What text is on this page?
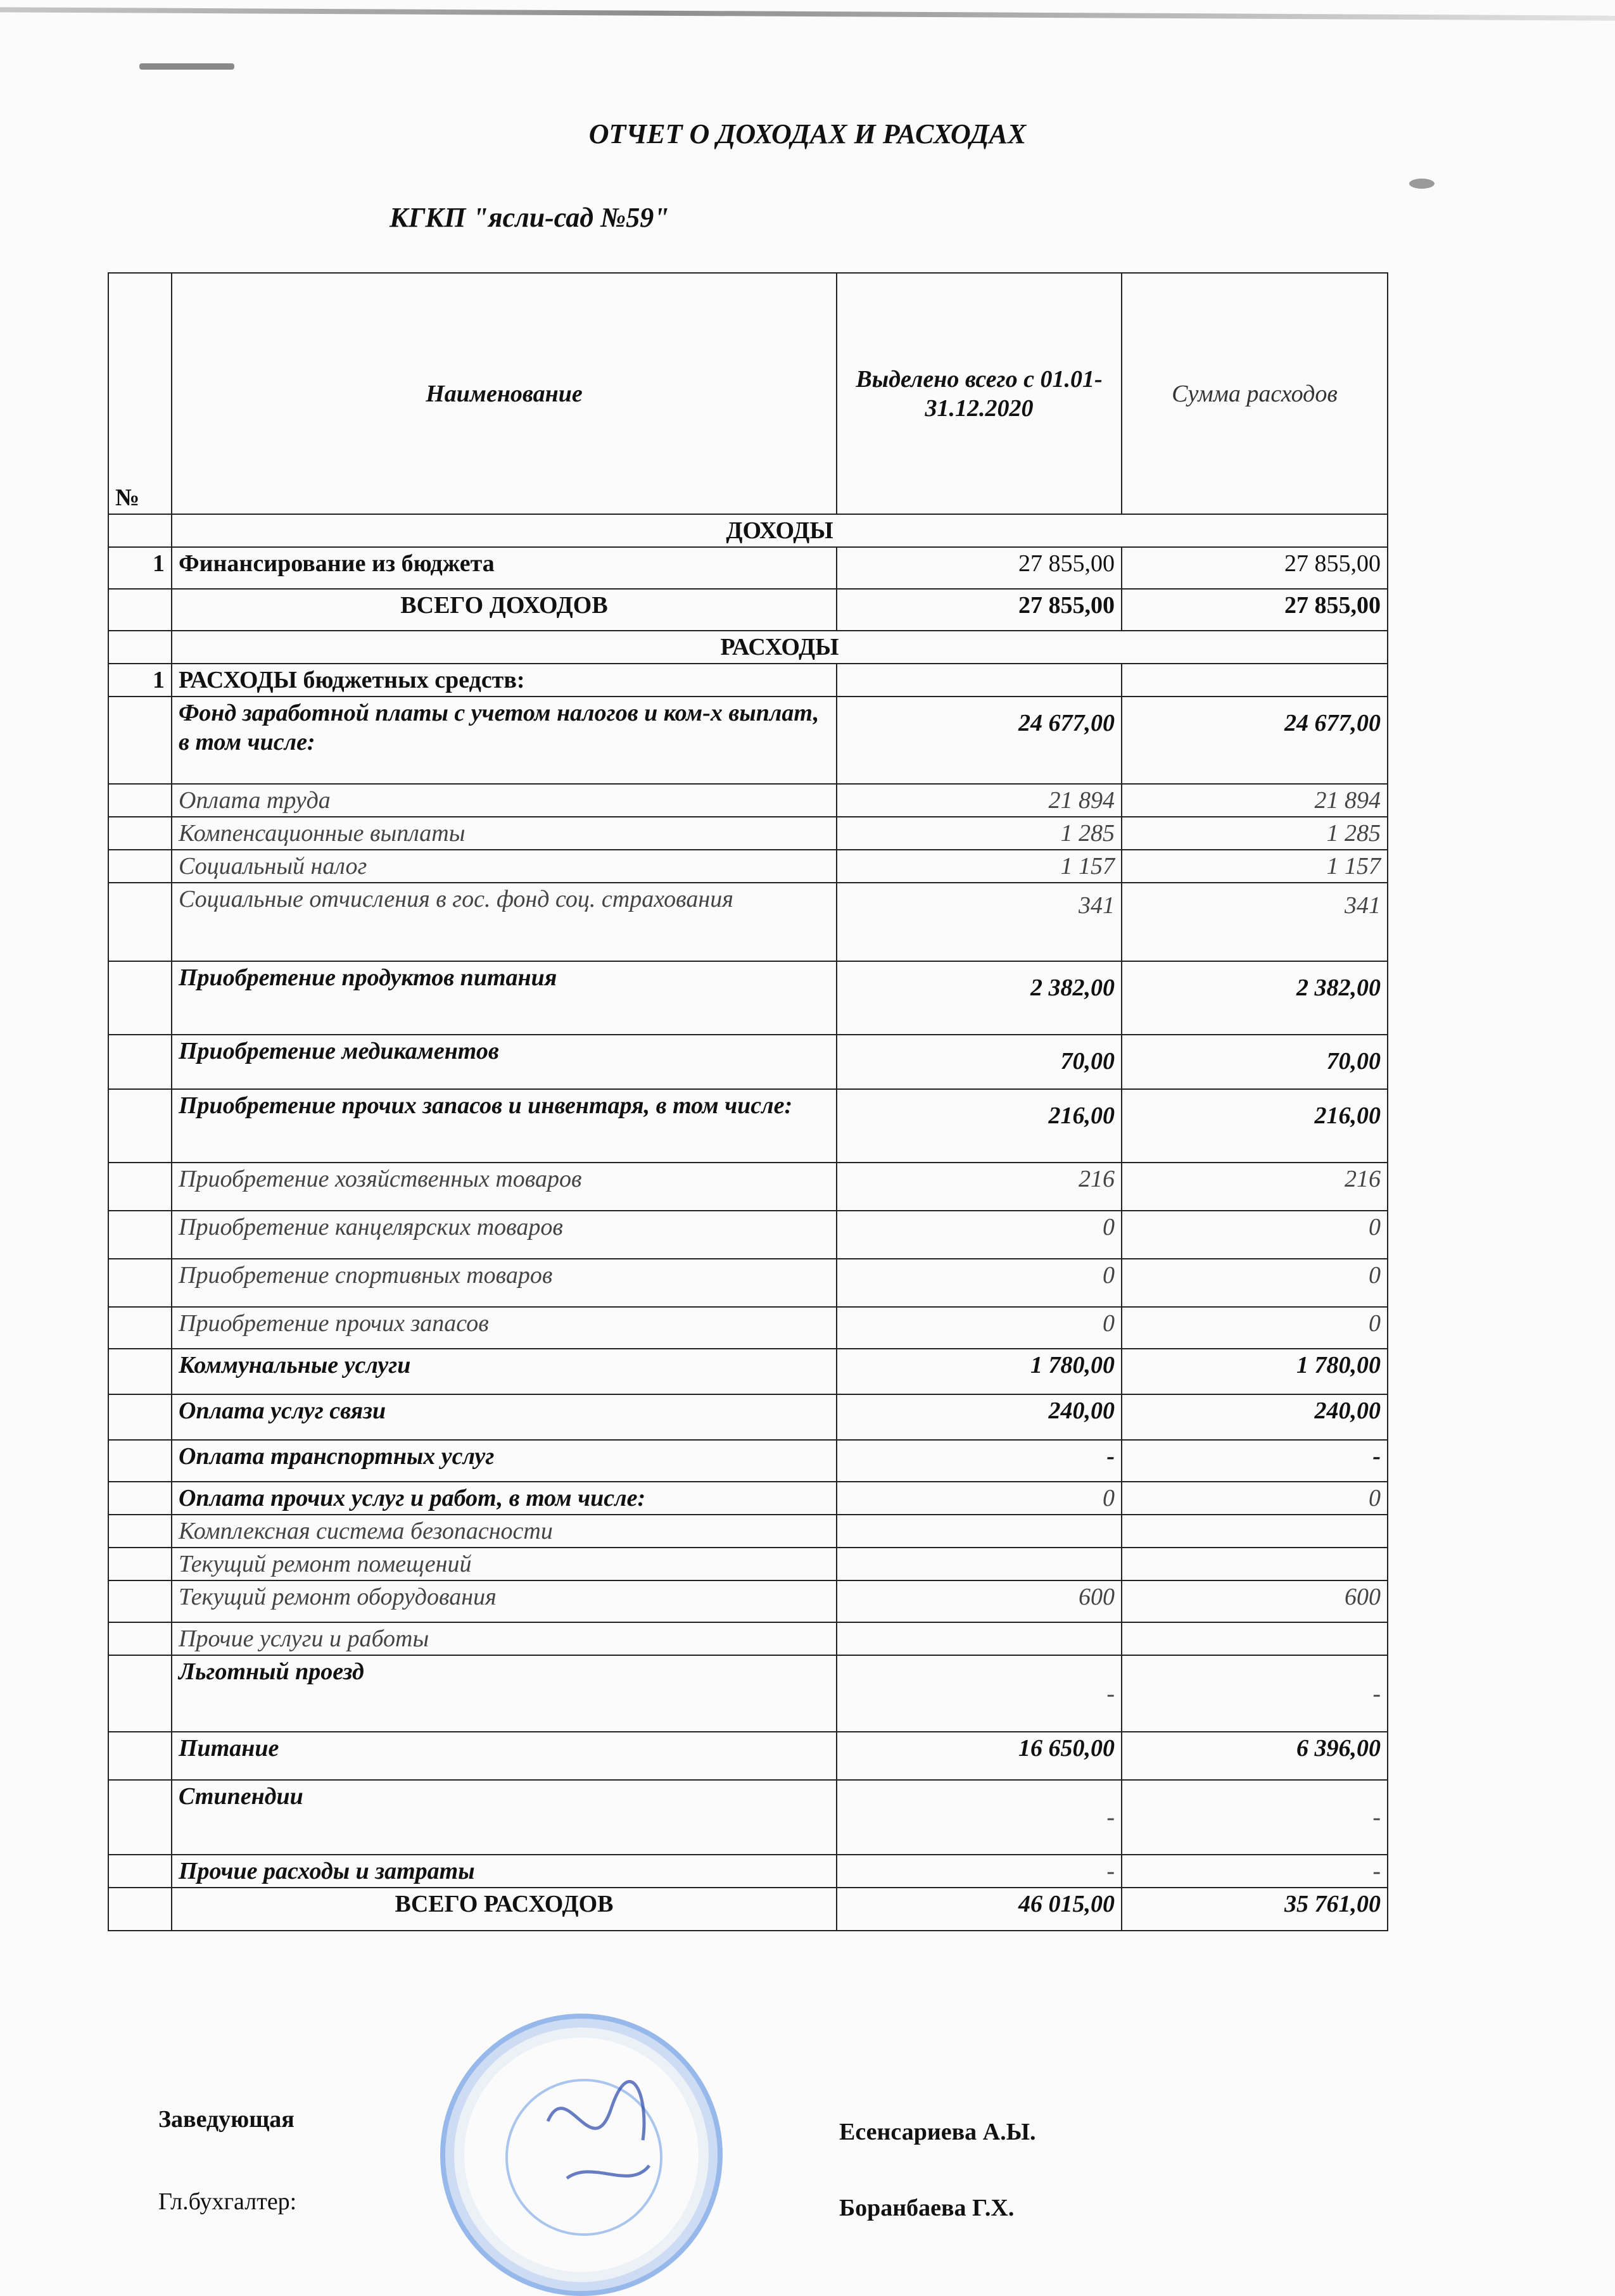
ОТЧЕТ О ДОХОДАХ И РАСХОДАХ
КГКП "ясли-сад №59"
№	Наименование	Выделено всего с 01.01-31.12.2020	Сумма расходов
	ДОХОДЫ		
1	Финансирование из бюджета	27 855,00	27 855,00
	ВСЕГО ДОХОДОВ	27 855,00	27 855,00
	РАСХОДЫ		
1	РАСХОДЫ бюджетных средств:		
	Фонд заработной платы с учетом налогов и ком-х выплат, в том числе:	24 677,00	24 677,00
	Оплата труда	21 894	21 894
	Компенсационные выплаты	1 285	1 285
	Социальный налог	1 157	1 157
	Социальные отчисления в гос. фонд соц. страхования	341	341
	Приобретение продуктов питания	2 382,00	2 382,00
	Приобретение медикаментов	70,00	70,00
	Приобретение прочих запасов и инвентаря, в том числе:	216,00	216,00
	Приобретение хозяйственных товаров	216	216
	Приобретение канцелярских товаров	0	0
	Приобретение спортивных товаров	0	0
	Приобретение прочих запасов	0	0
	Коммунальные услуги	1 780,00	1 780,00
	Оплата услуг связи	240,00	240,00
	Оплата транспортных услуг	-	-
	Оплата прочих услуг и работ, в том числе:	0	0
	Комплексная система безопасности		
	Текущий ремонт помещений		
	Текущий ремонт оборудования	600	600
	Прочие услуги и работы		
	Льготный проезд	-	-
	Питание	16 650,00	6 396,00
	Стипендии	-	-
	Прочие расходы и затраты	-	-
	ВСЕГО РАСХОДОВ	46 015,00	35 761,00
Заведующая	Есенсариева А.Ы.
Гл.бухгалтер:	Боранбаева Г.Х.
